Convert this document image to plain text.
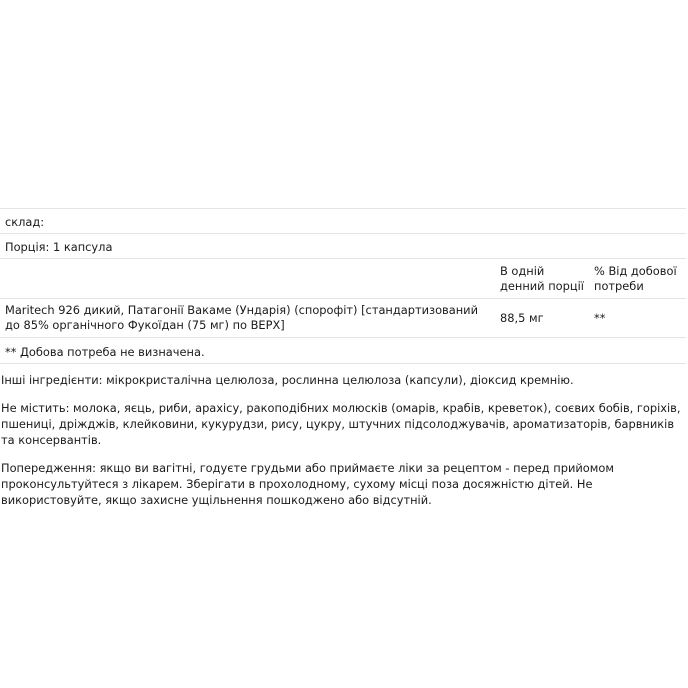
склад:
Порція: 1 капсула
В одній денний порції
% Від добової потреби
Maritech 926 дикий, Патагонії Вакаме (Ундарія) (спорофіт) [стандартизований до 85% органічного Фукоїдан (75 мг) по ВЕРХ]	88,5 мг	**
** Добова потреба не визначена.

Інші інгредієнти: мікрокристалічна целюлоза, рослинна целюлоза (капсули), діоксид кремнію.

Не містить: молока, яєць, риби, арахісу, ракоподібних молюсків (омарів, крабів, креветок), соєвих бобів, горіхів, пшениці, дріжджів, клейковини, кукурудзи, рису, цукру, штучних підсолоджувачів, ароматизаторів, барвників та консервантів.

Попередження: якщо ви вагітні, годуєте грудьми або приймаєте ліки за рецептом - перед прийомом проконсультуйтеся з лікарем. Зберігати в прохолодному, сухому місці поза досяжністю дітей. Не використовуйте, якщо захисне ущільнення пошкоджено або відсутній.
